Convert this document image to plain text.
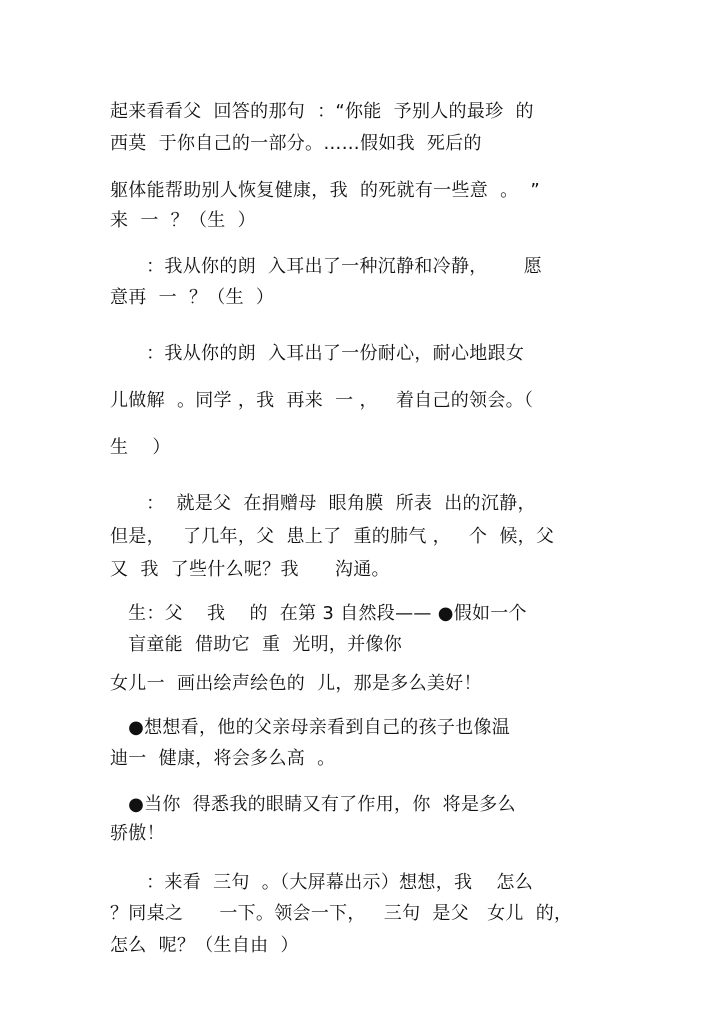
起来看看父  回答的那句  ：“你能  予别人的最珍  的
西莫  于你自己的一部分。……假如我  死后的
躯体能帮助别人恢复健康，我  的死就有一些意  。  ”
来  一  ？（生  ）
：我从你的朗  入耳出了一种沉静和冷静，      愿
意再  一  ？（生  ）
：我从你的朗  入耳出了一份耐心，耐心地跟女
儿做解  。同学 ，我  再来  一 ，   着自己的领会。（
生    ）
：  就是父  在捐赠母  眼角膜  所表  出的沉静，
但是，   了几年，父  患上了  重的肺气 ，   个  候，父
又  我  了些什么呢？我      沟通。
生：父    我    的  在第 3 自然段—— ●假如一个
盲童能  借助它  重  光明，并像你
女儿一  画出绘声绘色的  儿，那是多么美好！
●想想看，他的父亲母亲看到自己的孩子也像温
迪一  健康，将会多么高  。
●当你  得悉我的眼睛又有了作用，你  将是多么
骄傲！
：来看  三句  。（大屏幕出示）想想，我    怎么
？同桌之      一下。领会一下，   三句  是父   女儿  的，
怎么  呢？（生自由  ）
